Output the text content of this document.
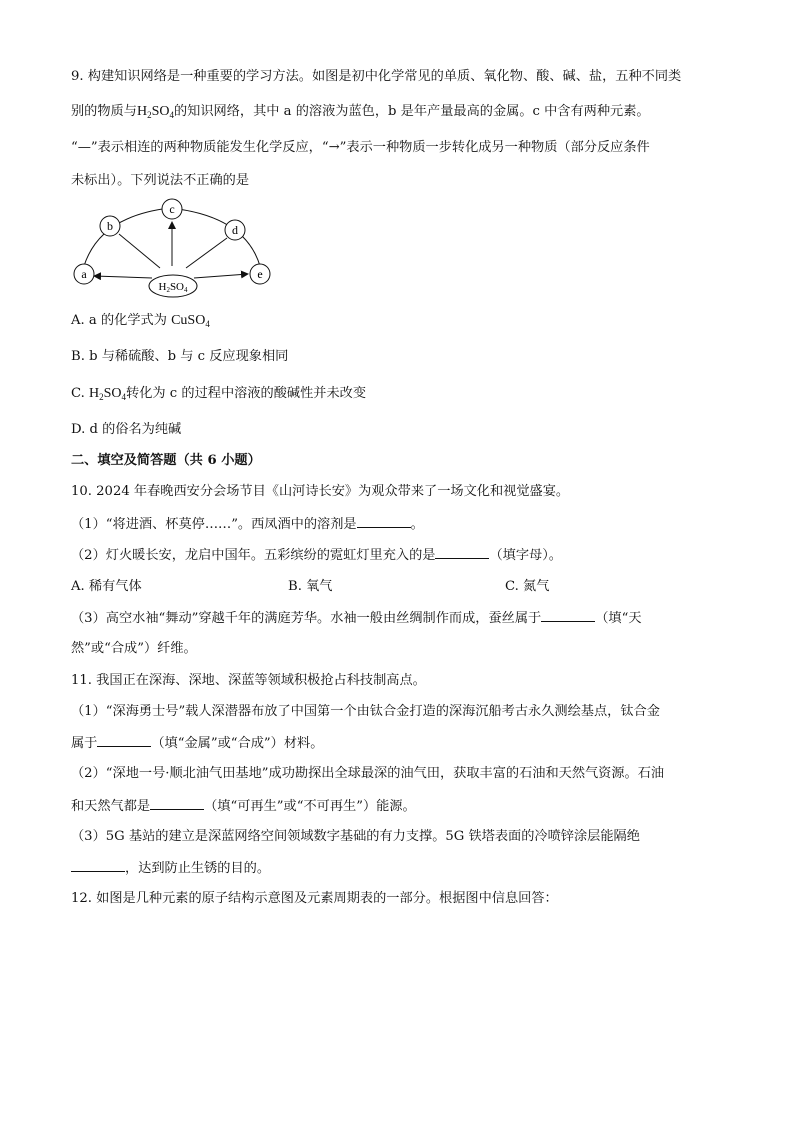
9. 构建知识网络是一种重要的学习方法。如图是初中化学常见的单质、氧化物、酸、碱、盐，五种不同类
别的物质与$H_2SO_4$的知识网络，其中 a 的溶液为蓝色，b 是年产量最高的金属。c 中含有两种元素。
“—”表示相连的两种物质能发生化学反应，“→”表示一种物质一步转化成另一种物质（部分反应条件
未标出）。下列说法不正确的是
a
b
c
d
e
H2SO4
A. a 的化学式为 CuSO$_4$
B. b 与稀硫酸、b 与 c 反应现象相同
C. $H_2SO_4$转化为 c 的过程中溶液的酸碱性并未改变
D. d 的俗名为纯碱
二、填空及简答题（共 6 小题）
10. 2024 年春晚西安分会场节目《山河诗长安》为观众带来了一场文化和视觉盛宴。
（1）“将进酒、杯莫停……”。西凤酒中的溶剂是	。
（2）灯火暖长安，龙启中国年。五彩缤纷的霓虹灯里充入的是	（填字母）。
A. 稀有气体	B. 氧气	C. 氮气
（3）高空水袖“舞动”穿越千年的满庭芳华。水袖一般由丝绸制作而成，蚕丝属于	（填“天
然”或“合成”）纤维。
11. 我国正在深海、深地、深蓝等领域积极抢占科技制高点。
（1）“深海勇士号”载人深潜器布放了中国第一个由钛合金打造的深海沉船考古永久测绘基点，钛合金
属于	（填“金属”或“合成”）材料。
（2）“深地一号·顺北油气田基地”成功勘探出全球最深的油气田，获取丰富的石油和天然气资源。石油
和天然气都是	（填“可再生”或“不可再生”）能源。
（3）5G 基站的建立是深蓝网络空间领域数字基础的有力支撑。5G 铁塔表面的冷喷锌涂层能隔绝
，达到防止生锈的目的。
12. 如图是几种元素的原子结构示意图及元素周期表的一部分。根据图中信息回答：
